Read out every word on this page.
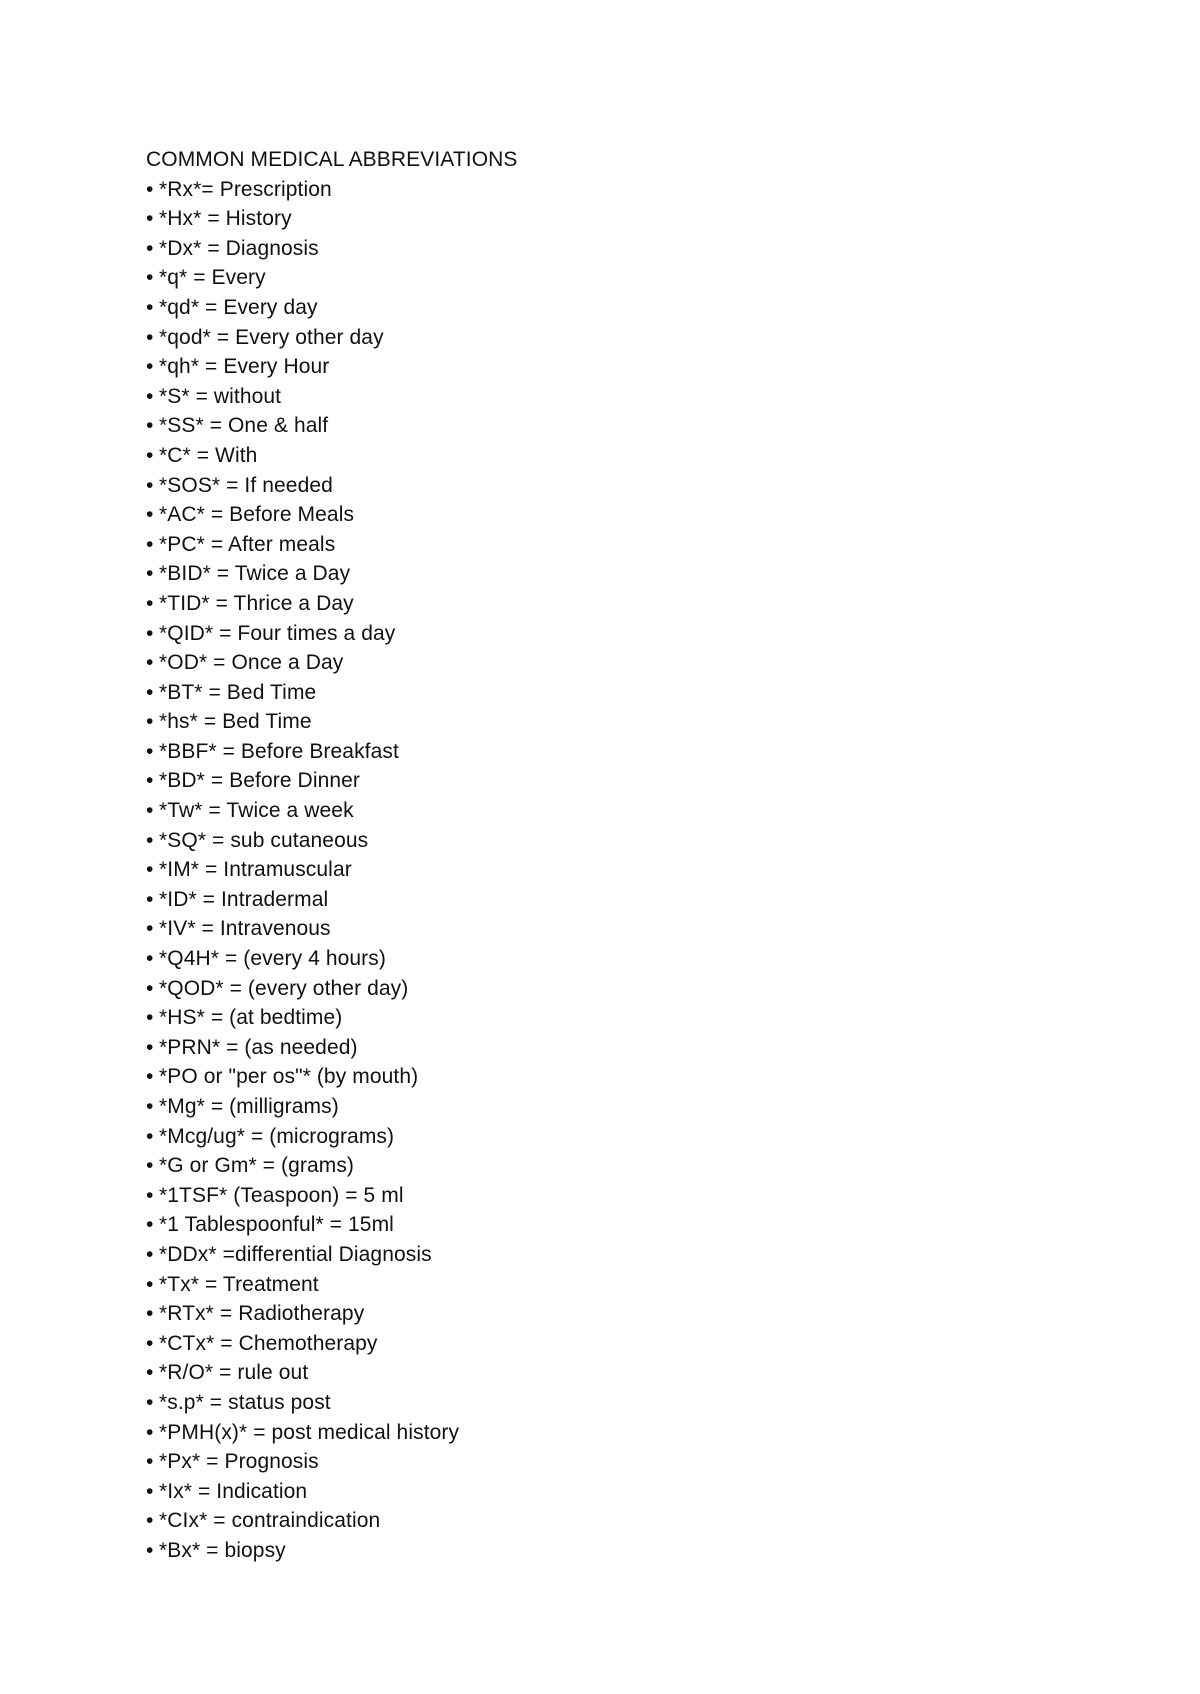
COMMON MEDICAL ABBREVIATIONS
• *Rx*= Prescription
• *Hx* = History
• *Dx* = Diagnosis
• *q* = Every
• *qd* = Every day
• *qod* = Every other day
• *qh* = Every Hour
• *S* = without
• *SS* = One & half
• *C* = With
• *SOS* = If needed
• *AC* = Before Meals
• *PC* = After meals
• *BID* = Twice a Day
• *TID* = Thrice a Day
• *QID* = Four times a day
• *OD* = Once a Day
• *BT* = Bed Time
• *hs* = Bed Time
• *BBF* = Before Breakfast
• *BD* = Before Dinner
• *Tw* = Twice a week
• *SQ* = sub cutaneous
• *IM* = Intramuscular
• *ID* = Intradermal
• *IV* = Intravenous
• *Q4H* = (every 4 hours)
• *QOD* = (every other day)
• *HS* = (at bedtime)
• *PRN* = (as needed)
• *PO or "per os"* (by mouth)
• *Mg* = (milligrams)
• *Mcg/ug* = (micrograms)
• *G or Gm* = (grams)
• *1TSF* (Teaspoon) = 5 ml
• *1 Tablespoonful* = 15ml
• *DDx* =differential Diagnosis
• *Tx* = Treatment
• *RTx* = Radiotherapy
• *CTx* = Chemotherapy
• *R/O* = rule out
• *s.p* = status post
• *PMH(x)* = post medical history
• *Px* = Prognosis
• *Ix* = Indication
• *CIx* = contraindication
• *Bx* = biopsy
